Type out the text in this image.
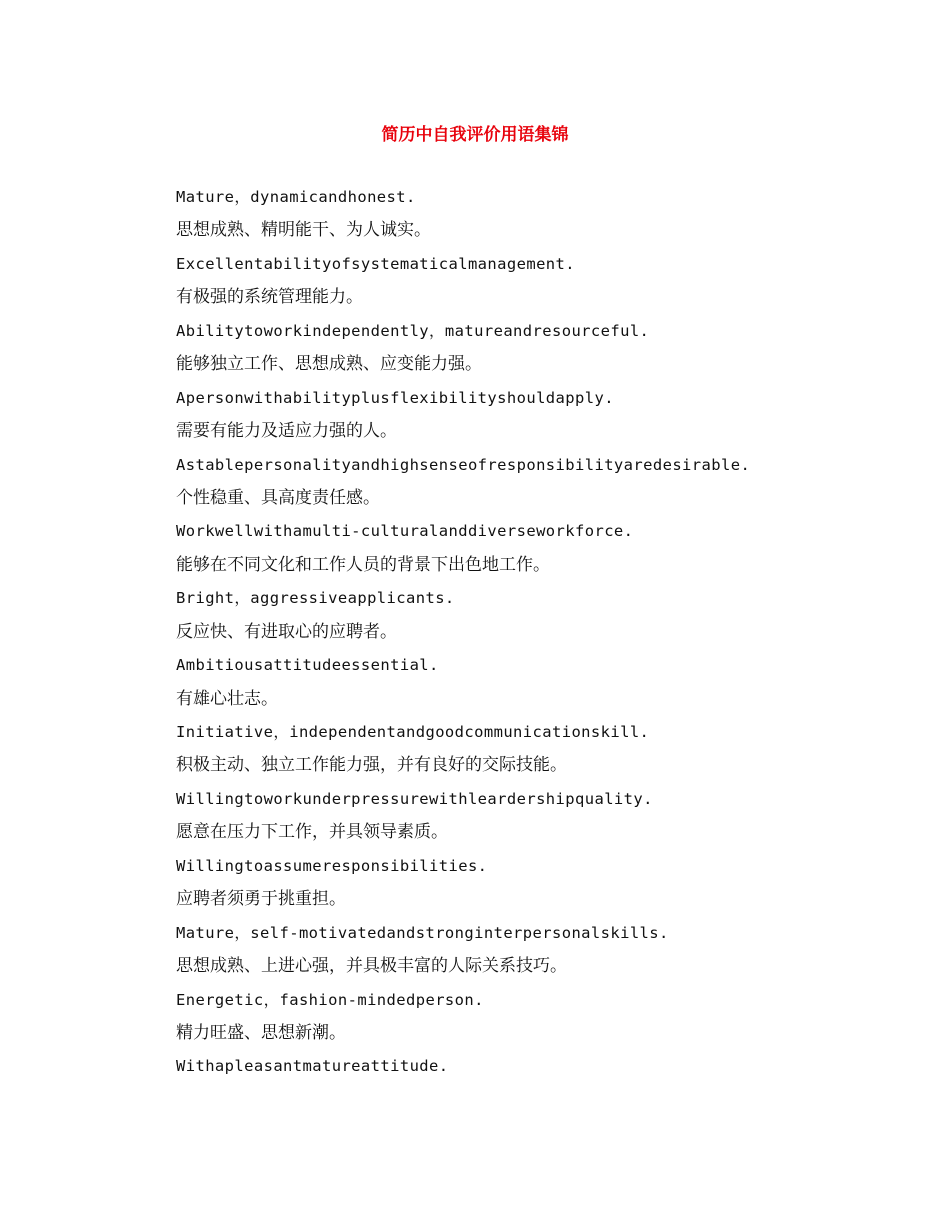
简历中自我评价用语集锦
Mature，dynamicandhonest.
思想成熟、精明能干、为人诚实。
Excellentabilityofsystematicalmanagement.
有极强的系统管理能力。
Abilitytoworkindependently，matureandresourceful.
能够独立工作、思想成熟、应变能力强。
Apersonwithabilityplusflexibilityshouldapply.
需要有能力及适应力强的人。
Astablepersonalityandhighsenseofresponsibilityaredesirable.
个性稳重、具高度责任感。
Workwellwithamulti-culturalanddiverseworkforce.
能够在不同文化和工作人员的背景下出色地工作。
Bright，aggressiveapplicants.
反应快、有进取心的应聘者。
Ambitiousattitudeessential.
有雄心壮志。
Initiative，independentandgoodcommunicationskill.
积极主动、独立工作能力强，并有良好的交际技能。
Willingtoworkunderpressurewithleardershipquality.
愿意在压力下工作，并具领导素质。
Willingtoassumeresponsibilities.
应聘者须勇于挑重担。
Mature，self-motivatedandstronginterpersonalskills.
思想成熟、上进心强，并具极丰富的人际关系技巧。
Energetic，fashion-mindedperson.
精力旺盛、思想新潮。
Withapleasantmatureattitude.
